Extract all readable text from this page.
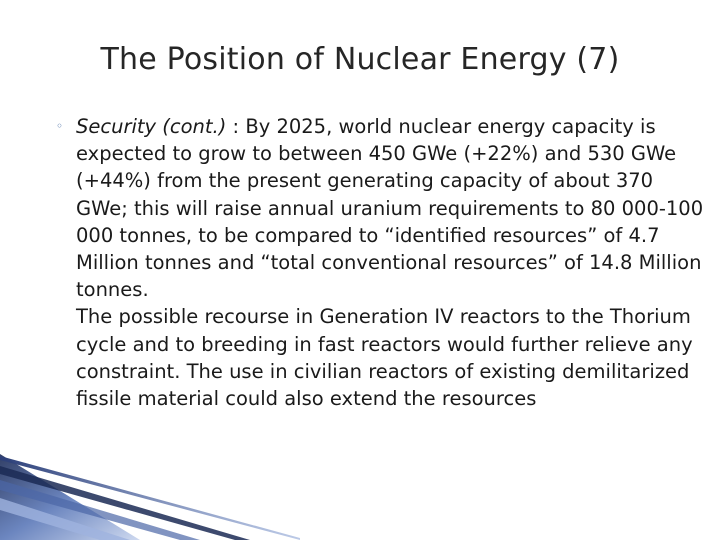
The Position of Nuclear Energy (7)
◦ Security (cont.) : By 2025, world nuclear energy capacity is expected to grow to between 450 GWe (+22%) and 530 GWe (+44%) from the present generating capacity of about 370 GWe; this will raise annual uranium requirements to 80 000-100 000 tonnes, to be compared to “identified resources” of 4.7 Million tonnes and “total conventional resources” of 14.8 Million tonnes.

The possible recourse in Generation IV reactors to the Thorium cycle and to breeding in fast reactors would further relieve any constraint. The use in civilian reactors of existing demilitarized fissile material could also extend the resources
